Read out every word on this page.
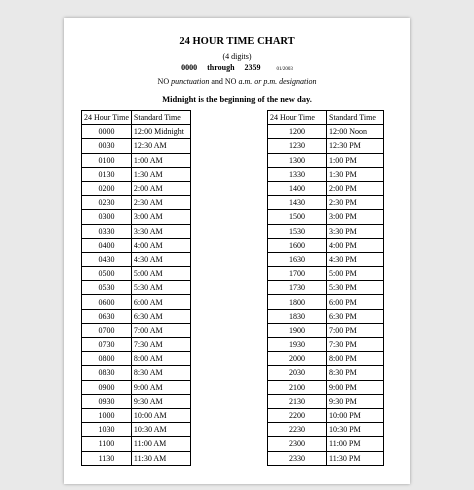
24 HOUR TIME CHART
(4 digits)
0000 through 2359	01/2003
NO punctuation and NO a.m. or p.m. designation
Midnight is the beginning of the new day.
24 Hour Time	Standard Time
0000	12:00 Midnight
0030	12:30 AM
0100	1:00 AM
0130	1:30 AM
0200	2:00 AM
0230	2:30 AM
0300	3:00 AM
0330	3:30 AM
0400	4:00 AM
0430	4:30 AM
0500	5:00 AM
0530	5:30 AM
0600	6:00 AM
0630	6:30 AM
0700	7:00 AM
0730	7:30 AM
0800	8:00 AM
0830	8:30 AM
0900	9:00 AM
0930	9:30 AM
1000	10:00 AM
1030	10:30 AM
1100	11:00 AM
1130	11:30 AM
24 Hour Time	Standard Time
1200	12:00 Noon
1230	12:30 PM
1300	1:00 PM
1330	1:30 PM
1400	2:00 PM
1430	2:30 PM
1500	3:00 PM
1530	3:30 PM
1600	4:00 PM
1630	4:30 PM
1700	5:00 PM
1730	5:30 PM
1800	6:00 PM
1830	6:30 PM
1900	7:00 PM
1930	7:30 PM
2000	8:00 PM
2030	8:30 PM
2100	9:00 PM
2130	9:30 PM
2200	10:00 PM
2230	10:30 PM
2300	11:00 PM
2330	11:30 PM
